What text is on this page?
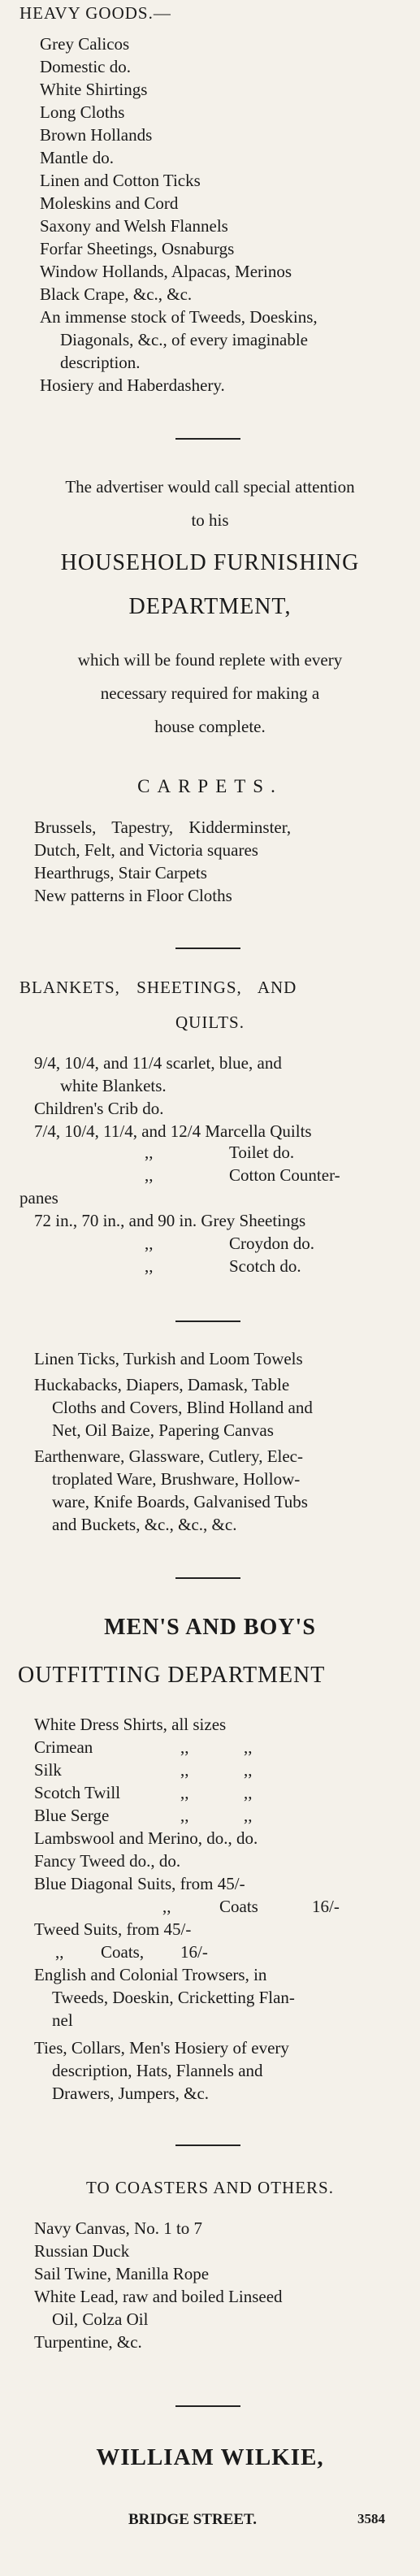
HEAVY GOODS.—
Grey Calicos
Domestic do.
White Shirtings
Long Cloths
Brown Hollands
Mantle do.
Linen and Cotton Ticks
Moleskins and Cord
Saxony and Welsh Flannels
Forfar Sheetings, Osnaburgs
Window Hollands, Alpacas, Merinos
Black Crape, &c., &c.
An immense stock of Tweeds, Doeskins,
Diagonals, &c., of every imaginable
description.
Hosiery and Haberdashery.
The advertiser would call special attention
to his
HOUSEHOLD FURNISHING
DEPARTMENT,
which will be found replete with every
necessary required for making a
house complete.
CARPETS.
Brussels, Tapestry, Kidderminster,
Dutch, Felt, and Victoria squares
Hearthrugs, Stair Carpets
New patterns in Floor Cloths
BLANKETS, SHEETINGS, AND
QUILTS.
9/4, 10/4, and 11/4 scarlet, blue, and
white Blankets.
Children's Crib do.
7/4, 10/4, 11/4, and 12/4 Marcella Quilts
,,	Toilet do.
,,	Cotton Counter-
panes
72 in., 70 in., and 90 in. Grey Sheetings
,,	Croydon do.
,,	Scotch do.
Linen Ticks, Turkish and Loom Towels
Huckabacks, Diapers, Damask, Table
Cloths and Covers, Blind Holland and
Net, Oil Baize, Papering Canvas
Earthenware, Glassware, Cutlery, Elec-
troplated Ware, Brushware, Hollow-
ware, Knife Boards, Galvanised Tubs
and Buckets, &c., &c., &c.
MEN'S AND BOY'S
OUTFITTING DEPARTMENT
White Dress Shirts, all sizes
Crimean	,,	,,
Silk	,,	,,
Scotch Twill	,,	,,
Blue Serge	,,	,,
Lambswool and Merino, do., do.
Fancy Tweed do., do.
Blue Diagonal Suits, from 45/-
,,	Coats	16/-
Tweed Suits, from 45/-
,, Coats, 16/-
English and Colonial Trowsers, in
Tweeds, Doeskin, Cricketting Flan-
nel
Ties, Collars, Men's Hosiery of every
description, Hats, Flannels and
Drawers, Jumpers, &c.
TO COASTERS AND OTHERS.
Navy Canvas, No. 1 to 7
Russian Duck
Sail Twine, Manilla Rope
White Lead, raw and boiled Linseed
Oil, Colza Oil
Turpentine, &c.
WILLIAM WILKIE,
BRIDGE STREET.	3584
